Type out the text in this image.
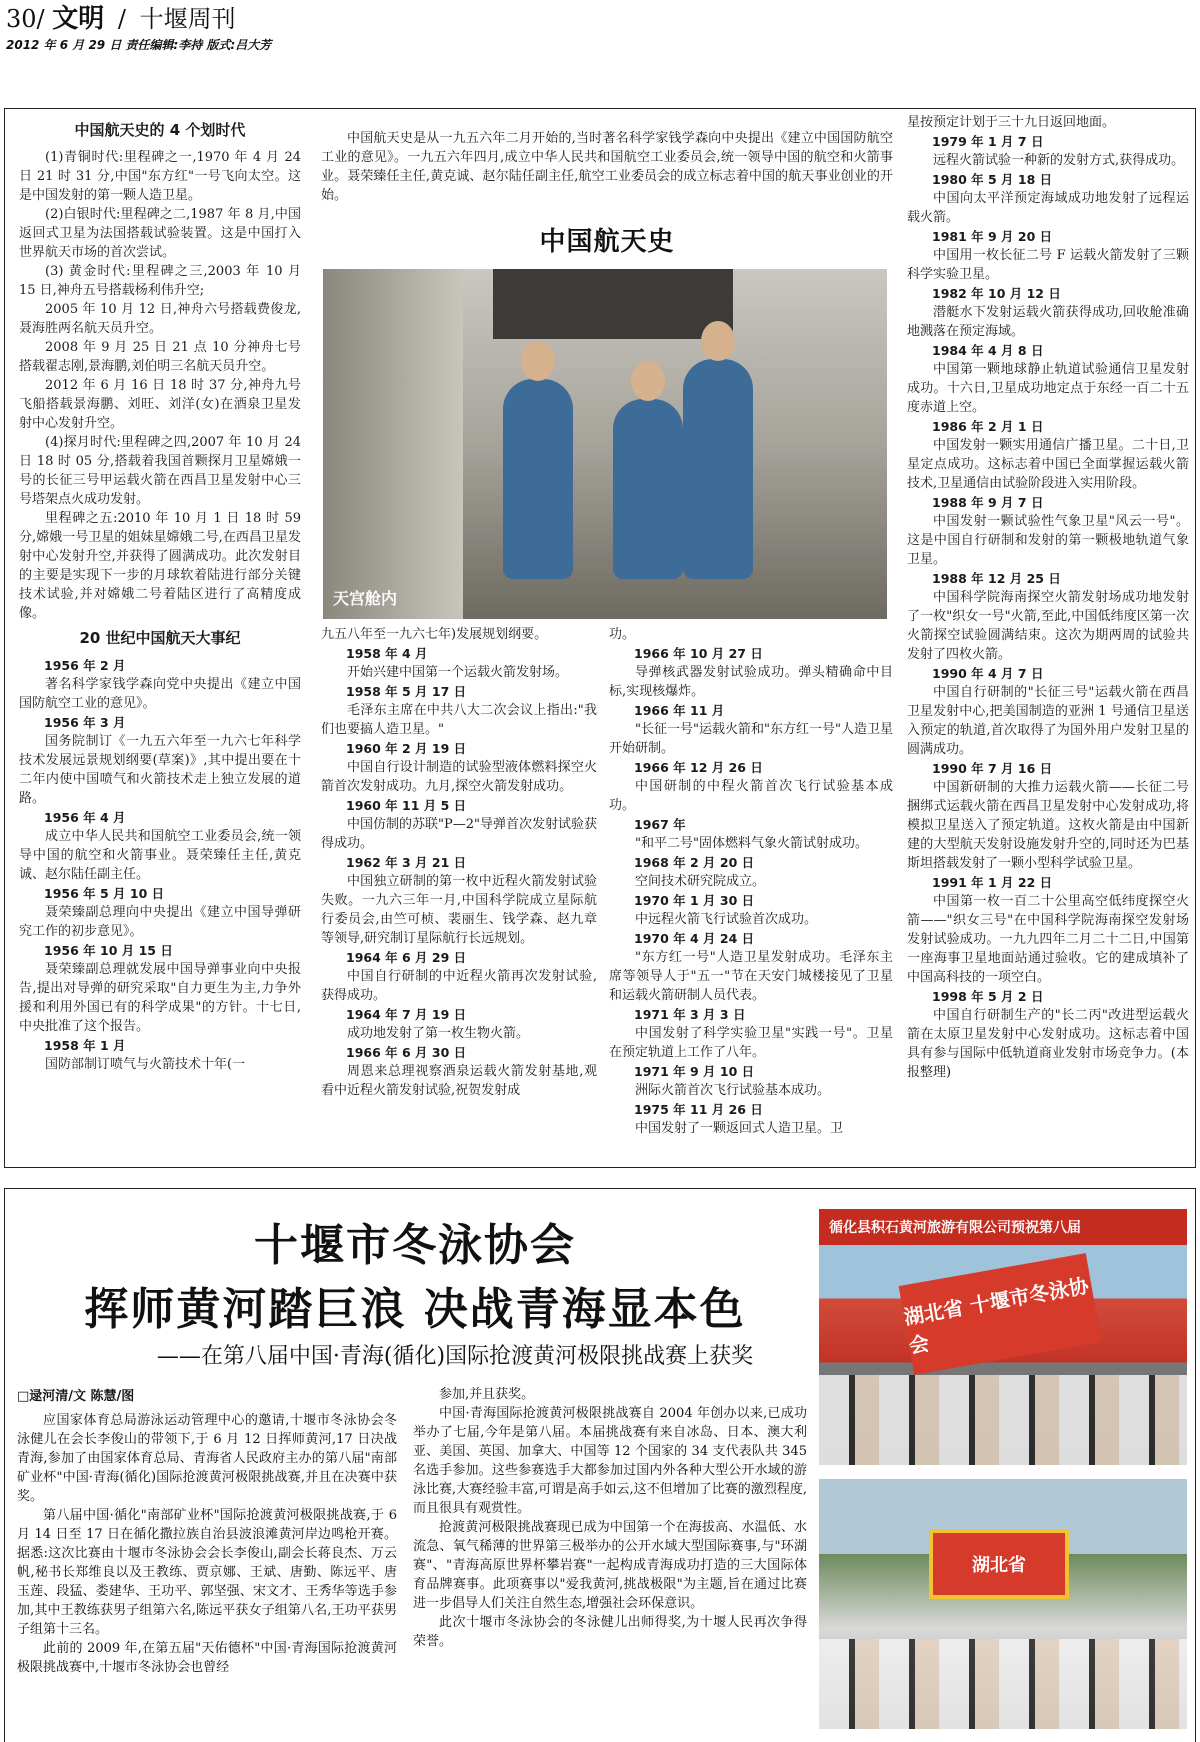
30/ 文明 / 十堰周刊
2012 年 6 月 29 日 责任编辑:李持 版式:吕大芳
中国航天史的 4 个划时代

(1)青铜时代:里程碑之一,1970 年 4 月 24 日 21 时 31 分,中国"东方红"一号飞向太空。这是中国发射的第一颗人造卫星。

(2)白银时代:里程碑之二,1987 年 8 月,中国返回式卫星为法国搭载试验装置。这是中国打入世界航天市场的首次尝试。

(3) 黄金时代:里程碑之三,2003 年 10 月 15 日,神舟五号搭载杨利伟升空;

2005 年 10 月 12 日,神舟六号搭载费俊龙,聂海胜两名航天员升空。

2008 年 9 月 25 日 21 点 10 分神舟七号搭载翟志刚,景海鹏,刘伯明三名航天员升空。

2012 年 6 月 16 日 18 时 37 分,神舟九号飞船搭载景海鹏、刘旺、刘洋(女)在酒泉卫星发射中心发射升空。

(4)探月时代:里程碑之四,2007 年 10 月 24 日 18 时 05 分,搭载着我国首颗探月卫星嫦娥一号的长征三号甲运载火箭在西昌卫星发射中心三号塔架点火成功发射。

里程碑之五:2010 年 10 月 1 日 18 时 59 分,嫦娥一号卫星的姐妹星嫦娥二号,在西昌卫星发射中心发射升空,并获得了圆满成功。此次发射目的主要是实现下一步的月球软着陆进行部分关键技术试验,并对嫦娥二号着陆区进行了高精度成像。

20 世纪中国航天大事纪
1956 年 2 月

著名科学家钱学森向党中央提出《建立中国国防航空工业的意见》。

1956 年 3 月

国务院制订《一九五六年至一九六七年科学技术发展远景规划纲要(草案)》,其中提出要在十二年内使中国喷气和火箭技术走上独立发展的道路。

1956 年 4 月

成立中华人民共和国航空工业委员会,统一领导中国的航空和火箭事业。聂荣臻任主任,黄克诚、赵尔陆任副主任。

1956 年 5 月 10 日

聂荣臻副总理向中央提出《建立中国导弹研究工作的初步意见》。

1956 年 10 月 15 日

聂荣臻副总理就发展中国导弹事业向中央报告,提出对导弹的研究采取"自力更生为主,力争外援和利用外国已有的科学成果"的方针。十七日,中央批准了这个报告。

1958 年 1 月

国防部制订喷气与火箭技术十年(一

中国航天史是从一九五六年二月开始的,当时著名科学家钱学森向中央提出《建立中国国防航空工业的意见》。一九五六年四月,成立中华人民共和国航空工业委员会,统一领导中国的航空和火箭事业。聂荣臻任主任,黄克诚、赵尔陆任副主任,航空工业委员会的成立标志着中国的航天事业创业的开始。

中国航天史
天宫舱内

九五八年至一九六七年)发展规划纲要。

1958 年 4 月

开始兴建中国第一个运载火箭发射场。

1958 年 5 月 17 日

毛泽东主席在中共八大二次会议上指出:"我们也要搞人造卫星。"

1960 年 2 月 19 日

中国自行设计制造的试验型液体燃料探空火箭首次发射成功。九月,探空火箭发射成功。

1960 年 11 月 5 日

中国仿制的苏联"P—2"导弹首次发射试验获得成功。

1962 年 3 月 21 日

中国独立研制的第一枚中近程火箭发射试验失败。一九六三年一月,中国科学院成立星际航行委员会,由竺可桢、裴丽生、钱学森、赵九章等领导,研究制订星际航行长远规划。

1964 年 6 月 29 日

中国自行研制的中近程火箭再次发射试验,获得成功。

1964 年 7 月 19 日

成功地发射了第一枚生物火箭。

1966 年 6 月 30 日

周恩来总理视察酒泉运载火箭发射基地,观看中近程火箭发射试验,祝贺发射成

功。

1966 年 10 月 27 日

导弹核武器发射试验成功。弹头精确命中目标,实现核爆炸。

1966 年 11 月

"长征一号"运载火箭和"东方红一号"人造卫星开始研制。

1966 年 12 月 26 日

中国研制的中程火箭首次飞行试验基本成功。

1967 年

"和平二号"固体燃料气象火箭试射成功。

1968 年 2 月 20 日

空间技术研究院成立。

1970 年 1 月 30 日

中远程火箭飞行试验首次成功。

1970 年 4 月 24 日

"东方红一号"人造卫星发射成功。毛泽东主席等领导人于"五一"节在天安门城楼接见了卫星和运载火箭研制人员代表。

1971 年 3 月 3 日

中国发射了科学实验卫星"实践一号"。卫星在预定轨道上工作了八年。

1971 年 9 月 10 日

洲际火箭首次飞行试验基本成功。

1975 年 11 月 26 日

中国发射了一颗返回式人造卫星。卫

星按预定计划于三十九日返回地面。

1979 年 1 月 7 日

远程火箭试验一种新的发射方式,获得成功。

1980 年 5 月 18 日

中国向太平洋预定海域成功地发射了远程运载火箭。

1981 年 9 月 20 日

中国用一枚长征二号 F 运载火箭发射了三颗科学实验卫星。

1982 年 10 月 12 日

潜艇水下发射运载火箭获得成功,回收舱准确地溅落在预定海域。

1984 年 4 月 8 日

中国第一颗地球静止轨道试验通信卫星发射成功。十六日,卫星成功地定点于东经一百二十五度赤道上空。

1986 年 2 月 1 日

中国发射一颗实用通信广播卫星。二十日,卫星定点成功。这标志着中国已全面掌握运载火箭技术,卫星通信由试验阶段进入实用阶段。

1988 年 9 月 7 日

中国发射一颗试验性气象卫星"风云一号"。这是中国自行研制和发射的第一颗极地轨道气象卫星。

1988 年 12 月 25 日

中国科学院海南探空火箭发射场成功地发射了一枚"织女一号"火箭,至此,中国低纬度区第一次火箭探空试验圆满结束。这次为期两周的试验共发射了四枚火箭。

1990 年 4 月 7 日

中国自行研制的"长征三号"运载火箭在西昌卫星发射中心,把美国制造的亚洲 1 号通信卫星送入预定的轨道,首次取得了为国外用户发射卫星的圆满成功。

1990 年 7 月 16 日

中国新研制的大推力运载火箭——长征二号捆绑式运载火箭在西昌卫星发射中心发射成功,将模拟卫星送入了预定轨道。这枚火箭是由中国新建的大型航天发射设施发射升空的,同时还为巴基斯坦搭载发射了一颗小型科学试验卫星。

1991 年 1 月 22 日

中国第一枚一百二十公里高空低纬度探空火箭——"织女三号"在中国科学院海南探空发射场发射试验成功。一九九四年二月二十二日,中国第一座海事卫星地面站通过验收。它的建成填补了中国高科技的一项空白。

1998 年 5 月 2 日

中国自行研制生产的"长二丙"改进型运载火箭在太原卫星发射中心发射成功。这标志着中国具有参与国际中低轨道商业发射市场竞争力。(本报整理)

十堰市冬泳协会
挥师黄河踏巨浪 决战青海显本色
——在第八届中国·青海(循化)国际抢渡黄河极限挑战赛上获奖
□逯河清/文 陈慧/图

应国家体育总局游泳运动管理中心的邀请,十堰市冬泳协会冬泳健儿在会长李俊山的带领下,于 6 月 12 日挥师黄河,17 日决战青海,参加了由国家体育总局、青海省人民政府主办的第八届"南部矿业杯"中国·青海(循化)国际抢渡黄河极限挑战赛,并且在决赛中获奖。

第八届中国·循化"南部矿业杯"国际抢渡黄河极限挑战赛,于 6 月 14 日至 17 日在循化撒拉族自治县波浪滩黄河岸边鸣枪开赛。据悉:这次比赛由十堰市冬泳协会会长李俊山,副会长蒋良杰、万云帆,秘书长郑维良以及王教练、贾京娜、王斌、唐勤、陈远平、唐玉莲、段猛、娄建华、王功平、郭坚强、宋文才、王秀华等选手参加,其中王教练获男子组第六名,陈远平获女子组第八名,王功平获男子组第十三名。

此前的 2009 年,在第五届"天佑德杯"中国·青海国际抢渡黄河极限挑战赛中,十堰市冬泳协会也曾经

参加,并且获奖。

中国·青海国际抢渡黄河极限挑战赛自 2004 年创办以来,已成功举办了七届,今年是第八届。本届挑战赛有来自冰岛、日本、澳大利亚、美国、英国、加拿大、中国等 12 个国家的 34 支代表队共 345 名选手参加。这些参赛选手大都参加过国内外各种大型公开水域的游泳比赛,大赛经验丰富,可谓是高手如云,这不但增加了比赛的激烈程度,而且很具有观赏性。

抢渡黄河极限挑战赛现已成为中国第一个在海拔高、水温低、水流急、氧气稀薄的世界第三极举办的公开水域大型国际赛事,与"环湖赛"、"青海高原世界杯攀岩赛"一起构成青海成功打造的三大国际体育品牌赛事。此项赛事以"爱我黄河,挑战极限"为主题,旨在通过比赛进一步倡导人们关注自然生态,增强社会环保意识。

此次十堰市冬泳协会的冬泳健儿出师得奖,为十堰人民再次争得荣誉。

循化县积石黄河旅游有限公司预祝第八届
湖北省 十堰市冬泳协会
湖北省
